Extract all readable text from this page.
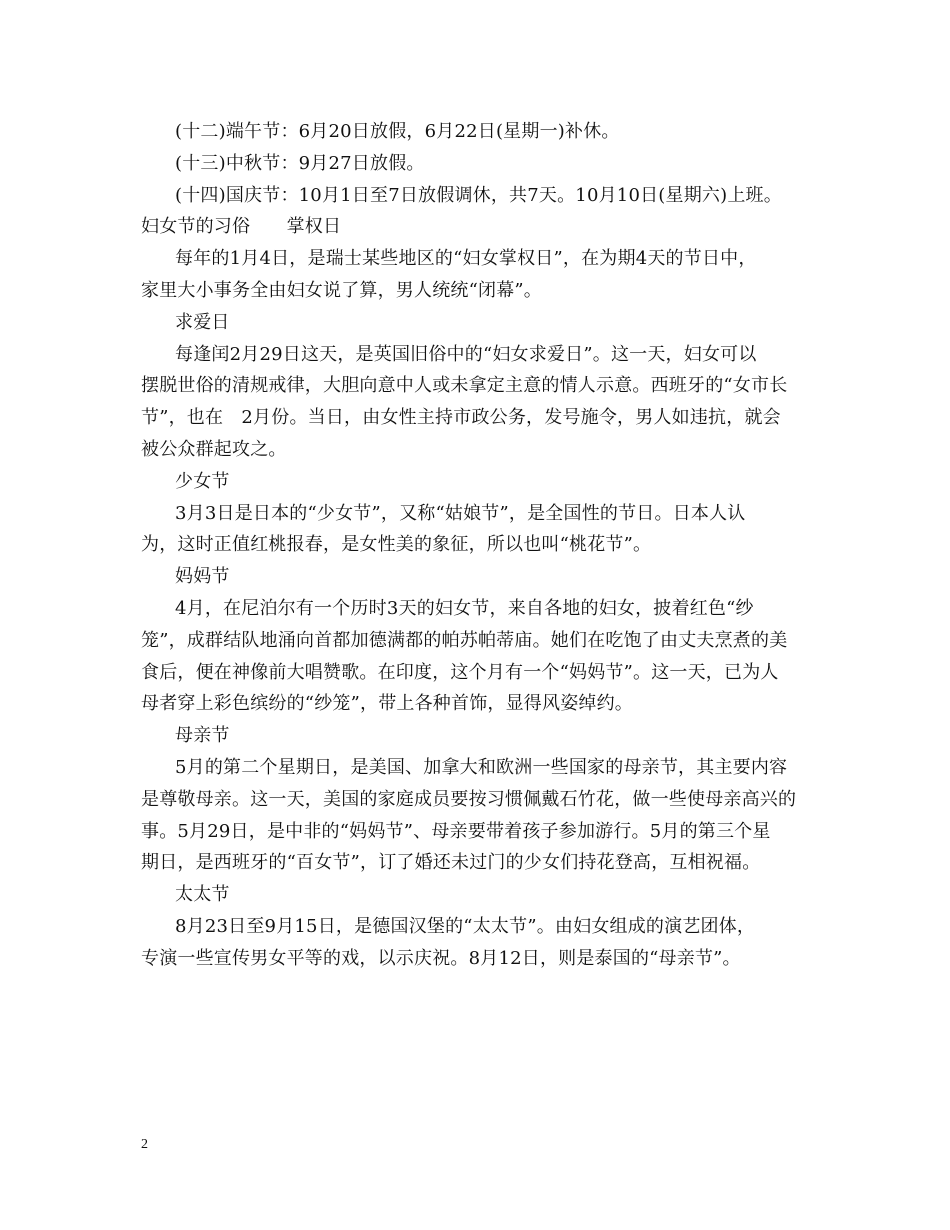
(十二)端午节：6月20日放假，6月22日(星期一)补休。
(十三)中秋节：9月27日放假。
(十四)国庆节：10月1日至7日放假调休，共7天。10月10日(星期六)上班。
妇女节的习俗　　掌权日
每年的1月4日，是瑞士某些地区的“妇女掌权日”，在为期4天的节日中，
家里大小事务全由妇女说了算，男人统统“闭幕”。
求爱日
每逢闰2月29日这天，是英国旧俗中的“妇女求爱日”。这一天，妇女可以
摆脱世俗的清规戒律，大胆向意中人或未拿定主意的情人示意。西班牙的“女市长
节”，也在　2月份。当日，由女性主持市政公务，发号施令，男人如违抗，就会
被公众群起攻之。
少女节
3月3日是日本的“少女节”，又称“姑娘节”，是全国性的节日。日本人认
为，这时正值红桃报春，是女性美的象征，所以也叫“桃花节”。
妈妈节
4月，在尼泊尔有一个历时3天的妇女节，来自各地的妇女，披着红色“纱
笼”，成群结队地涌向首都加德满都的帕苏帕蒂庙。她们在吃饱了由丈夫烹煮的美
食后，便在神像前大唱赞歌。在印度，这个月有一个“妈妈节”。这一天，已为人
母者穿上彩色缤纷的“纱笼”，带上各种首饰，显得风姿绰约。
母亲节
5月的第二个星期日，是美国、加拿大和欧洲一些国家的母亲节，其主要内容
是尊敬母亲。这一天，美国的家庭成员要按习惯佩戴石竹花，做一些使母亲高兴的
事。5月29日，是中非的“妈妈节”、母亲要带着孩子参加游行。5月的第三个星
期日，是西班牙的“百女节”，订了婚还未过门的少女们持花登高，互相祝福。
太太节
8月23日至9月15日，是德国汉堡的“太太节”。由妇女组成的演艺团体，
专演一些宣传男女平等的戏，以示庆祝。8月12日，则是泰国的“母亲节”。
2
